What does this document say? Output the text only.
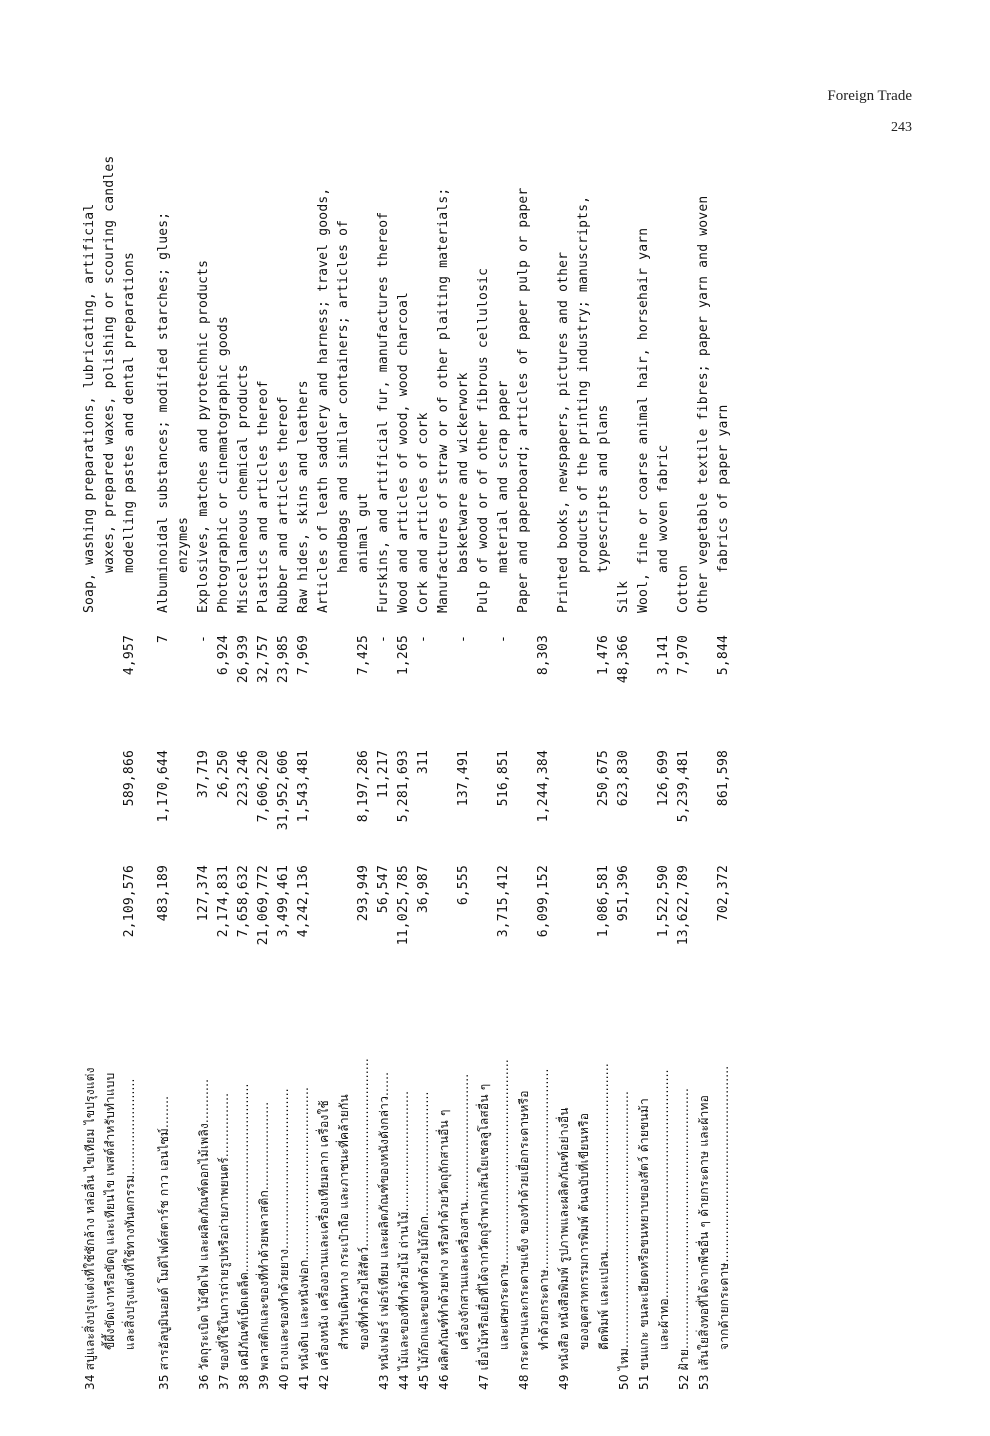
Foreign Trade
243
34 สบู่และสิ่งปรุงแต่งที่ใช้ซักล้าง หล่อลื่น ไขเทียม ไขปรุงแต่ง ขี้ผึ้งขัดเงาหรือขัดถู และเทียนไข เพสต์สำหรับทำแบบ และสิ่งปรุงแต่งที่ใช้ทางทันตกรรม........................
2,109,576
589,866
4,957
Soap, washing preparations, lubricating, artificial waxes, prepared waxes, polishing or scouring candles modelling pastes and dental preparations
35 สารอัลบูมินอยด์ โมดิไฟด์สตาร์ช กาว เอนไซม์........
483,189
1,170,644
7
Albuminoidal substances; modified starches; glues; enzymes
36 วัตถุระเบิด ไม้ขีดไฟ และผลิตภัณฑ์ดอกไม้เพลิง...........
127,374
37,719
-
Explosives, matches and pyrotechnic products
37 ของที่ใช้ในการถ่ายรูปหรือถ่ายภาพยนตร์................
2,174,831
26,250
6,924
Photographic or cinematographic goods
38 เคมีภัณฑ์เบ็ดเตล็ด...............................................
7,658,632
223,246
26,939
Miscellaneous chemical products
39 พลาสติกและของที่ทำด้วยพลาสติก......................
21,069,772
7,606,220
32,757
Plastics and articles thereof
40 ยางและของทำด้วยยาง........................................
3,499,461
31,952,606
23,985
Rubber and articles thereof
41 หนังดิบ และหนังฟอก...........................................
4,242,136
1,543,481
7,969
Raw hides, skins and leathers
42 เครื่องหนัง เครื่องอานและเครื่องเทียมลาก เครื่องใช้ สำหรับเดินทาง กระเป๋าถือ และภาชนะที่คล้ายกัน ของที่ทำด้วยไส้สัตว์...............................................
293,949
8,197,286
7,425
Articles of leath saddlery and harness; travel goods, handbags and similar containers; articles of animal gut
43 หนังเฟอร์ เฟอร์เทียม และผลิตภัณฑ์ของหนังดังกล่าว......
56,547
11,217
-
Furskins, and artificial fur, manufactures thereof
44 ไม้และของที่ทำด้วยไม้ ถ่านไม้..............................
11,025,785
5,281,693
1,265
Wood and articles of wood, wood charcoal
45 ไม้ก๊อกและของทำด้วยไม้ก๊อก...............................
36,987
311
-
Cork and articles of cork
46 ผลิตภัณฑ์ทำด้วยฟาง หรือทำด้วยวัตถุถักสานอื่น ๆ เครื่องจักสานและเครื่องสาน................................
6,555
137,491
-
Manufactures of straw or of other plaiting materials; basketware and wickerwork
47 เยื่อไม้หรือเยื่อที่ได้จากวัตถุจำพวกเส้นใยเซลลูโลสอื่น ๆ และเศษกระดาษ...................................................
3,715,412
516,851
-
Pulp of wood or of other fibrous cellulosic material and scrap paper
48 กระดาษและกระดาษแข็ง ของทำด้วยเยื่อกระดาษหรือ ทำด้วยกระดาษ..................................................
6,099,152
1,244,384
8,303
Paper and paperboard; articles of paper pulp or paper
49 หนังสือ หนังสือพิมพ์ รูปภาพและผลิตภัณฑ์อย่างอื่น ของอุตสาหกรรมการพิมพ์ ต้นฉบับที่เขียนหรือ ดีดพิมพ์ และแปลน...............................................
1,086,581
250,675
1,476
Printed books, newspapers, pictures and other products of the printing industry; manuscripts, typescripts and plans
50 ไหม................................................................
951,396
623,830
48,366
Silk
51 ขนแกะ ขนละเอียดหรือขนหยาบของสัตว์ ด้ายขนม้า และผ้าทอ.........................................................
1,522,590
126,699
3,141
Wool, fine or coarse animal hair, horsehair yarn and woven fabric
52 ฝ้าย.................................................................
13,622,789
5,239,481
7,970
Cotton
53 เส้นใยสิ่งทอที่ได้จากพืชอื่น ๆ ด้ายกระดาษ และผ้าทอ จากด้ายกระดาษ.................................................
702,372
861,598
5,844
Other vegetable textile fibres; paper yarn and woven fabrics of paper yarn
